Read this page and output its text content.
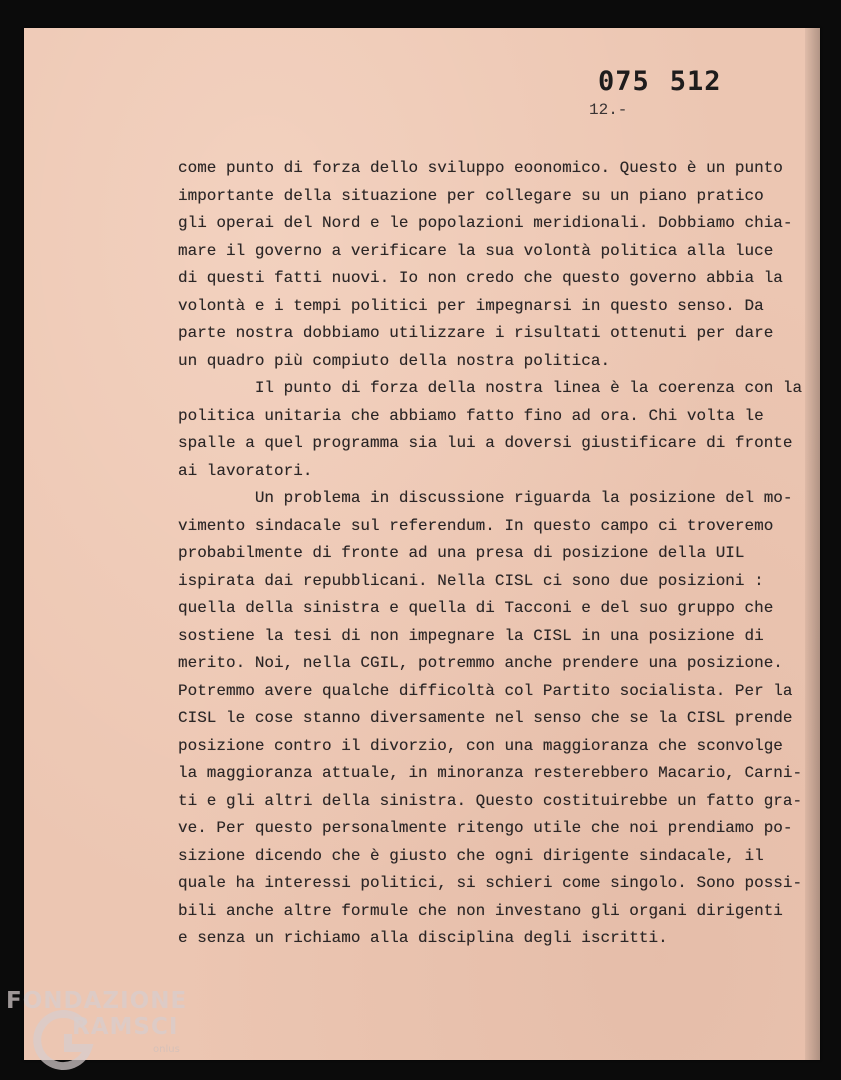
075 512
12.-
come punto di forza dello sviluppo eoonomico. Questo è un punto
importante della situazione per collegare su un piano pratico
gli operai del Nord e le popolazioni meridionali. Dobbiamo chia-
mare il governo a verificare la sua volontà politica alla luce
di questi fatti nuovi. Io non credo che questo governo abbia la
volontà e i tempi politici per impegnarsi in questo senso. Da
parte nostra dobbiamo utilizzare i risultati ottenuti per dare
un quadro più compiuto della nostra politica.
Il punto di forza della nostra linea è la coerenza con la
politica unitaria che abbiamo fatto fino ad ora. Chi volta le
spalle a quel programma sia lui a doversi giustificare di fronte
ai lavoratori.
Un problema in discussione riguarda la posizione del mo-
vimento sindacale sul referendum. In questo campo ci troveremo
probabilmente di fronte ad una presa di posizione della UIL
ispirata dai repubblicani. Nella CISL ci sono due posizioni :
quella della sinistra e quella di Tacconi e del suo gruppo che
sostiene la tesi di non impegnare la CISL in una posizione di
merito. Noi, nella CGIL, potremmo anche prendere una posizione.
Potremmo avere qualche difficoltà col Partito socialista. Per la
CISL le cose stanno diversamente nel senso che se la CISL prende
posizione contro il divorzio, con una maggioranza che sconvolge
la maggioranza attuale, in minoranza resterebbero Macario, Carni-
ti e gli altri della sinistra. Questo costituirebbe un fatto gra-
ve. Per questo personalmente ritengo utile che noi prendiamo po-
sizione dicendo che è giusto che ogni dirigente sindacale, il
quale ha interessi politici, si schieri come singolo. Sono possi-
bili anche altre formule che non investano gli organi dirigenti
e senza un richiamo alla disciplina degli iscritti.
FONDAZIONE
RAMSCI
onlus
